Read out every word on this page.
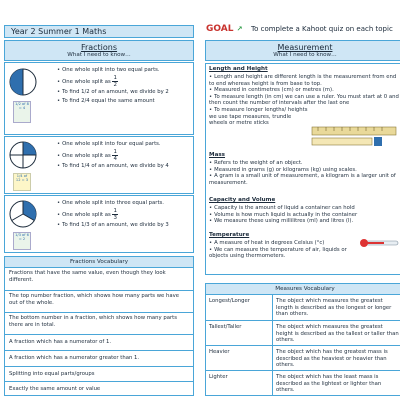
Year 2 Summer 1 Maths
Fractions
What I need to know…
1/2 of 8 = 4
• One whole split into two equal parts.
• One whole split as $\frac{1}{2}$
• To find 1/2 of an amount, we divide by 2
• To find 2/4 equal the same amount
1/4 of 12 = 3
• One whole split into four equal parts.
• One whole split as $\frac{1}{4}$
• To find 1/4 of an amount, we divide by 4
1/3 of 6 = 2
• One whole split into three equal parts.
• One whole split as $\frac{1}{3}$
• To find 1/3 of an amount, we divide by 3
Fractions Vocabulary
Fractions that have the same value, even though they look different.
The top number fraction, which shows how many parts we have out of the whole.
The bottom number in a fraction, which shows how many parts there are in total.
A fraction which has a numerator of 1.
A fraction which has a numerator greater than 1.
Splitting into equal parts/groups
Exactly the same amount or value
GOAL ↗	To complete a Kahoot quiz on each topic
Measurement
What I need to know…
Length and Height
• Length and height are different length is the measurement from end to end whereas height is from base to top.
• Measured in centimetres (cm) or metres (m).
• To measure length (in cm) we can use a ruler. You must start at 0 and then count the number of intervals after the last one
• To measure longer lengths/ heights we use tape measures, trundle wheels or metre sticks
Mass
• Refers to the weight of an object.
• Measured in grams (g) or kilograms (kg) using scales.
• A gram is a small unit of measurement, a kilogram is a larger unit of measurement.
Capacity and Volume
• Capacity is the amount of liquid a container can hold
• Volume is how much liquid is actually in the container
• We measure these using millilitres (ml) and litres (l).
Temperature
• A measure of heat in degrees Celsius (°c)
• We can measure the temperature of air, liquids or objects using thermometers.
Measures Vocabulary
Longest/Longer	The object which measures the greatest length is described as the longest or longer than others.
Tallest/Taller	The object which measures the greatest height is described as the tallest or taller than others.
Heavier	The object which has the greatest mass is described as the heaviest or heavier than others.
Lighter	The object which has the least mass is described as the lightest or lighter than others.
